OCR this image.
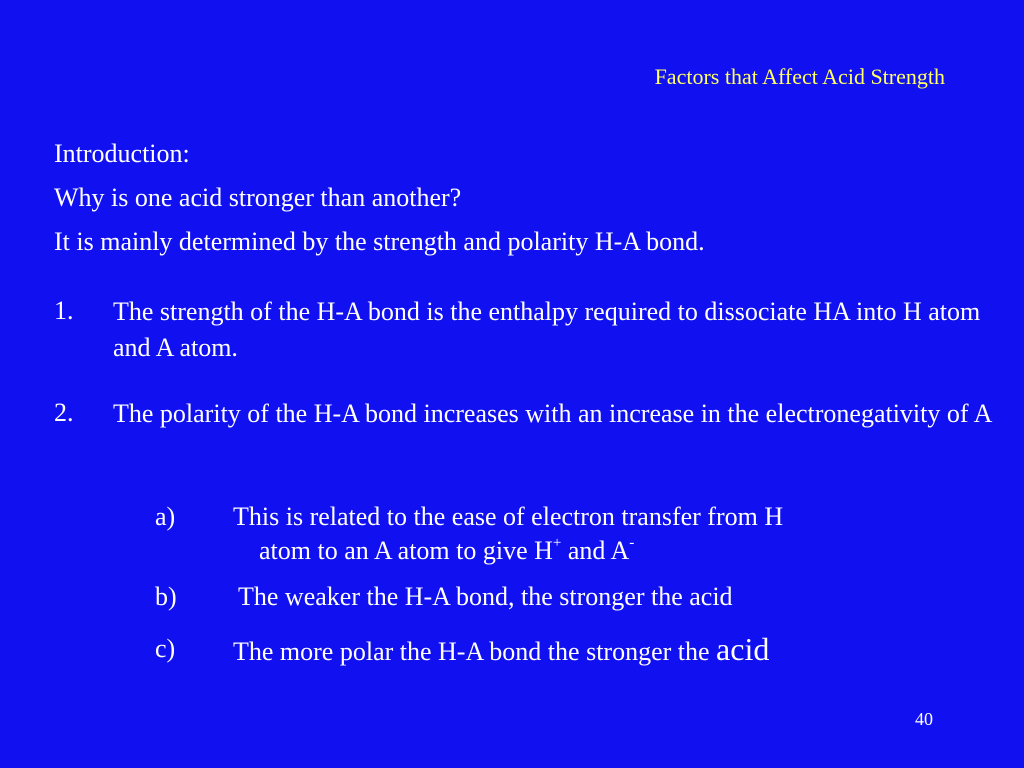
Factors that Affect Acid Strength
Introduction:
Why is one acid stronger than another?
It is mainly determined by the strength and polarity H-A bond.
1. The strength of the H-A bond is the enthalpy required to dissociate HA into H atom and A atom.
2. The polarity of the H-A bond increases with an increase in the electronegativity of A
a) This is related to the ease of electron transfer from H
atom to an A atom to give H+ and A-
b) The weaker the H-A bond, the stronger the acid
c) The more polar the H-A bond the stronger the acid
40
